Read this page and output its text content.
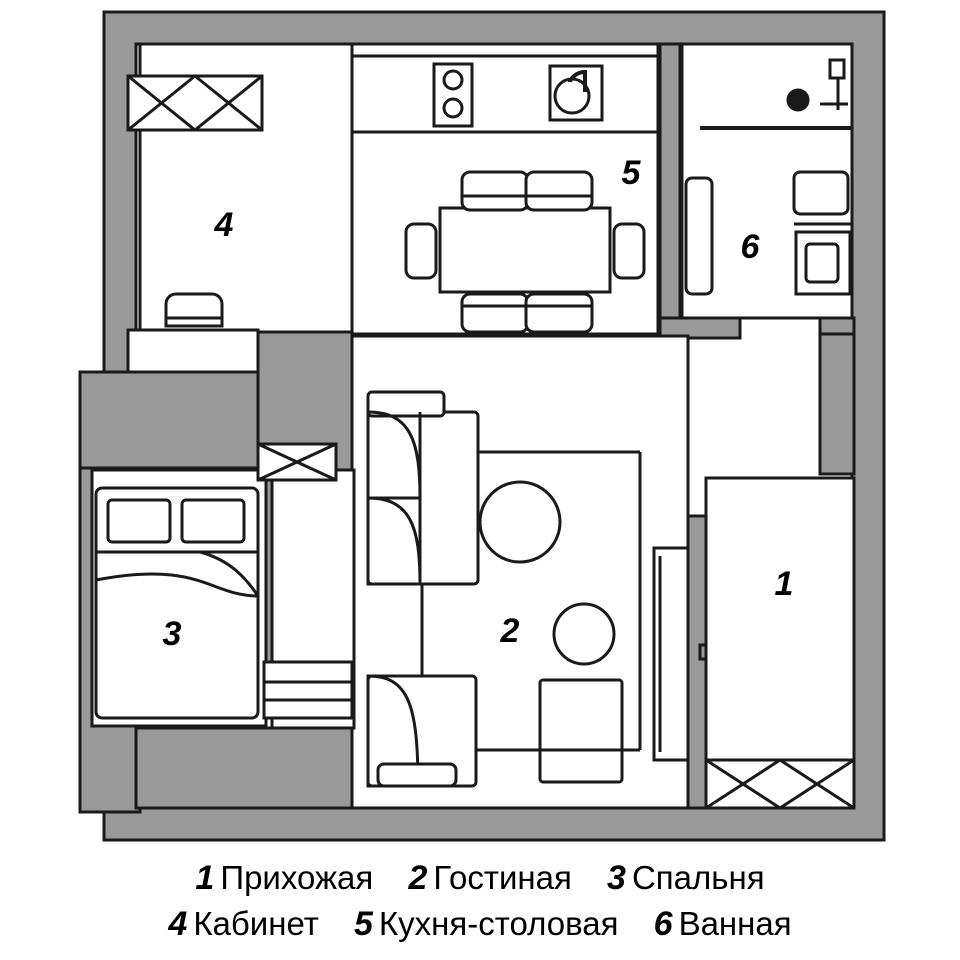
1
2
3
4
5
6
1 Прихожая 2 Гостиная 3 Спальня
4 Кабинет 5 Кухня-столовая 6 Ванная
